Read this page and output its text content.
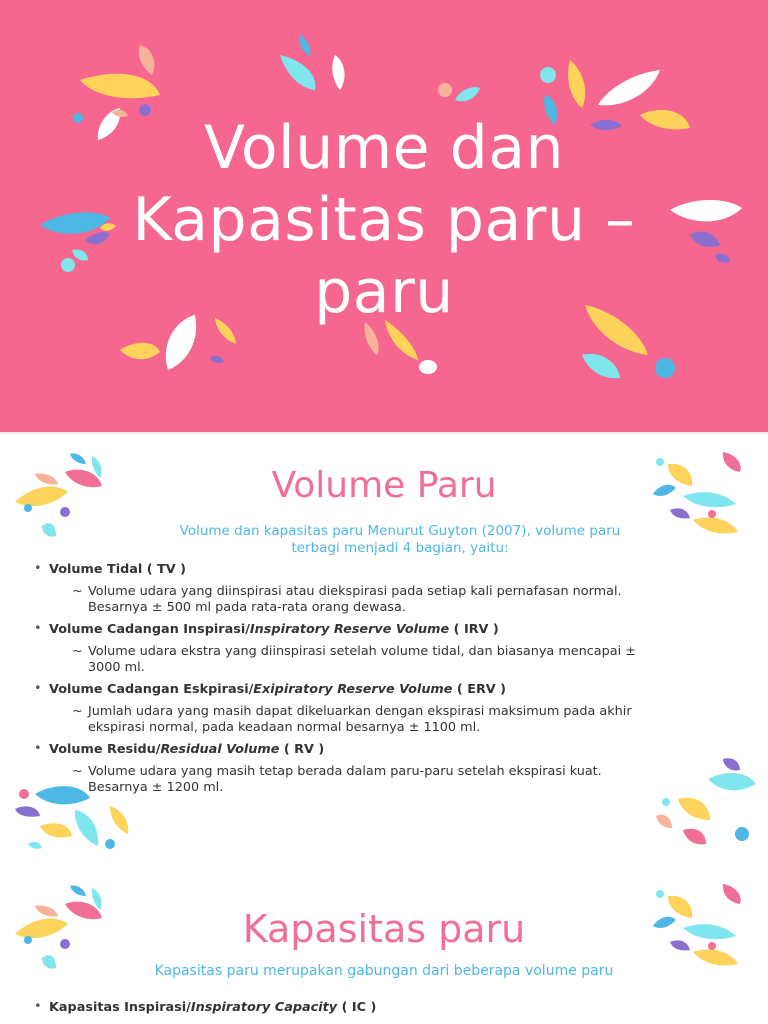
Volume dan
Kapasitas paru –
paru
Volume Paru
Volume dan kapasitas paru Menurut Guyton (2007), volume paru
terbagi menjadi 4 bagian, yaitu:
• Volume Tidal ( TV )
~ Volume udara yang diinspirasi atau diekspirasi pada setiap kali pernafasan normal.
Besarnya ± 500 ml pada rata-rata orang dewasa.
• Volume Cadangan Inspirasi/Inspiratory Reserve Volume ( IRV )
~ Volume udara ekstra yang diinspirasi setelah volume tidal, dan biasanya mencapai ±
3000 ml.
• Volume Cadangan Eskpirasi/Exipiratory Reserve Volume ( ERV )
~ Jumlah udara yang masih dapat dikeluarkan dengan ekspirasi maksimum pada akhir
ekspirasi normal, pada keadaan normal besarnya ± 1100 ml.
• Volume Residu/Residual Volume ( RV )
~ Volume udara yang masih tetap berada dalam paru-paru setelah ekspirasi kuat.
Besarnya ± 1200 ml.
Kapasitas paru
Kapasitas paru merupakan gabungan dari beberapa volume paru
• Kapasitas Inspirasi/Inspiratory Capacity ( IC )
